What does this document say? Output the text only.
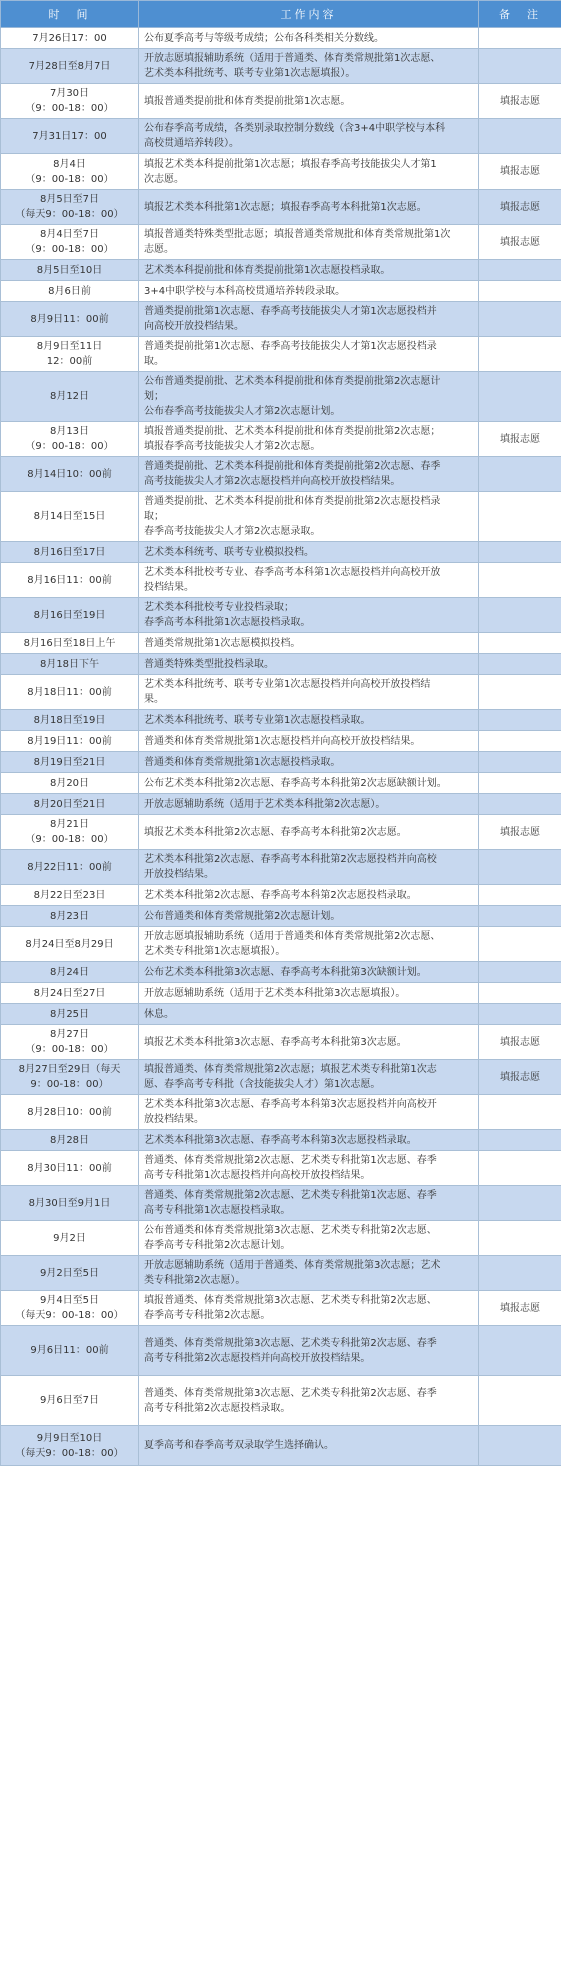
时　间	工作内容	备　注
7月26日17：00	公布夏季高考与等级考成绩；公布各科类相关分数线。	
7月28日至8月7日	开放志愿填报辅助系统（适用于普通类、体育类常规批第1次志愿、
艺术类本科批统考、联考专业第1次志愿填报）。	
7月30日
（9：00-18：00）	填报普通类提前批和体育类提前批第1次志愿。	填报志愿
7月31日17：00	公布春季高考成绩，各类别录取控制分数线（含3+4中职学校与本科
高校贯通培养转段）。	
8月4日
（9：00-18：00）	填报艺术类本科提前批第1次志愿；填报春季高考技能拔尖人才第1
次志愿。	填报志愿
8月5日至7日
（每天9：00-18：00）	填报艺术类本科批第1次志愿；填报春季高考本科批第1次志愿。	填报志愿
8月4日至7日
（9：00-18：00）	填报普通类特殊类型批志愿；填报普通类常规批和体育类常规批第1次
志愿。	填报志愿
8月5日至10日	艺术类本科提前批和体育类提前批第1次志愿投档录取。	
8月6日前	3+4中职学校与本科高校贯通培养转段录取。	
8月9日11：00前	普通类提前批第1次志愿、春季高考技能拔尖人才第1次志愿投档并
向高校开放投档结果。	
8月9日至11日
12：00前	普通类提前批第1次志愿、春季高考技能拔尖人才第1次志愿投档录
取。	
8月12日	公布普通类提前批、艺术类本科提前批和体育类提前批第2次志愿计
划；
公布春季高考技能拔尖人才第2次志愿计划。	
8月13日
（9：00-18：00）	填报普通类提前批、艺术类本科提前批和体育类提前批第2次志愿；
填报春季高考技能拔尖人才第2次志愿。	填报志愿
8月14日10：00前	普通类提前批、艺术类本科提前批和体育类提前批第2次志愿、春季
高考技能拔尖人才第2次志愿投档并向高校开放投档结果。	
8月14日至15日	普通类提前批、艺术类本科提前批和体育类提前批第2次志愿投档录
取；
春季高考技能拔尖人才第2次志愿录取。	
8月16日至17日	艺术类本科统考、联考专业模拟投档。	
8月16日11：00前	艺术类本科批校考专业、春季高考本科第1次志愿投档并向高校开放
投档结果。	
8月16日至19日	艺术类本科批校考专业投档录取；
春季高考本科批第1次志愿投档录取。	
8月16日至18日上午	普通类常规批第1次志愿模拟投档。	
8月18日下午	普通类特殊类型批投档录取。	
8月18日11：00前	艺术类本科批统考、联考专业第1次志愿投档并向高校开放投档结
果。	
8月18日至19日	艺术类本科批统考、联考专业第1次志愿投档录取。	
8月19日11：00前	普通类和体育类常规批第1次志愿投档并向高校开放投档结果。	
8月19日至21日	普通类和体育类常规批第1次志愿投档录取。	
8月20日	公布艺术类本科批第2次志愿、春季高考本科批第2次志愿缺额计划。	
8月20日至21日	开放志愿辅助系统（适用于艺术类本科批第2次志愿）。	
8月21日
（9：00-18：00）	填报艺术类本科批第2次志愿、春季高考本科批第2次志愿。	填报志愿
8月22日11：00前	艺术类本科批第2次志愿、春季高考本科批第2次志愿投档并向高校
开放投档结果。	
8月22日至23日	艺术类本科批第2次志愿、春季高考本科第2次志愿投档录取。	
8月23日	公布普通类和体育类常规批第2次志愿计划。	
8月24日至8月29日	开放志愿填报辅助系统（适用于普通类和体育类常规批第2次志愿、
艺术类专科批第1次志愿填报）。	
8月24日	公布艺术类本科批第3次志愿、春季高考本科批第3次缺额计划。	
8月24日至27日	开放志愿辅助系统（适用于艺术类本科批第3次志愿填报）。	
8月25日	休息。	
8月27日
（9：00-18：00）	填报艺术类本科批第3次志愿、春季高考本科批第3次志愿。	填报志愿
8月27日至29日（每天
9：00-18：00）	填报普通类、体育类常规批第2次志愿；填报艺术类专科批第1次志
愿、春季高考专科批（含技能拔尖人才）第1次志愿。	填报志愿
8月28日10：00前	艺术类本科批第3次志愿、春季高考本科第3次志愿投档并向高校开
放投档结果。	
8月28日	艺术类本科批第3次志愿、春季高考本科第3次志愿投档录取。	
8月30日11：00前	普通类、体育类常规批第2次志愿、艺术类专科批第1次志愿、春季
高考专科批第1次志愿投档并向高校开放投档结果。	
8月30日至9月1日	普通类、体育类常规批第2次志愿、艺术类专科批第1次志愿、春季
高考专科批第1次志愿投档录取。	
9月2日	公布普通类和体育类常规批第3次志愿、艺术类专科批第2次志愿、
春季高考专科批第2次志愿计划。	
9月2日至5日	开放志愿辅助系统（适用于普通类、体育类常规批第3次志愿；艺术
类专科批第2次志愿）。	
9月4日至5日
（每天9：00-18：00）	填报普通类、体育类常规批第3次志愿、艺术类专科批第2次志愿、
春季高考专科批第2次志愿。	填报志愿
9月6日11：00前	普通类、体育类常规批第3次志愿、艺术类专科批第2次志愿、春季
高考专科批第2次志愿投档并向高校开放投档结果。	
9月6日至7日	普通类、体育类常规批第3次志愿、艺术类专科批第2次志愿、春季
高考专科批第2次志愿投档录取。	
9月9日至10日
（每天9：00-18：00）	夏季高考和春季高考双录取学生选择确认。	
